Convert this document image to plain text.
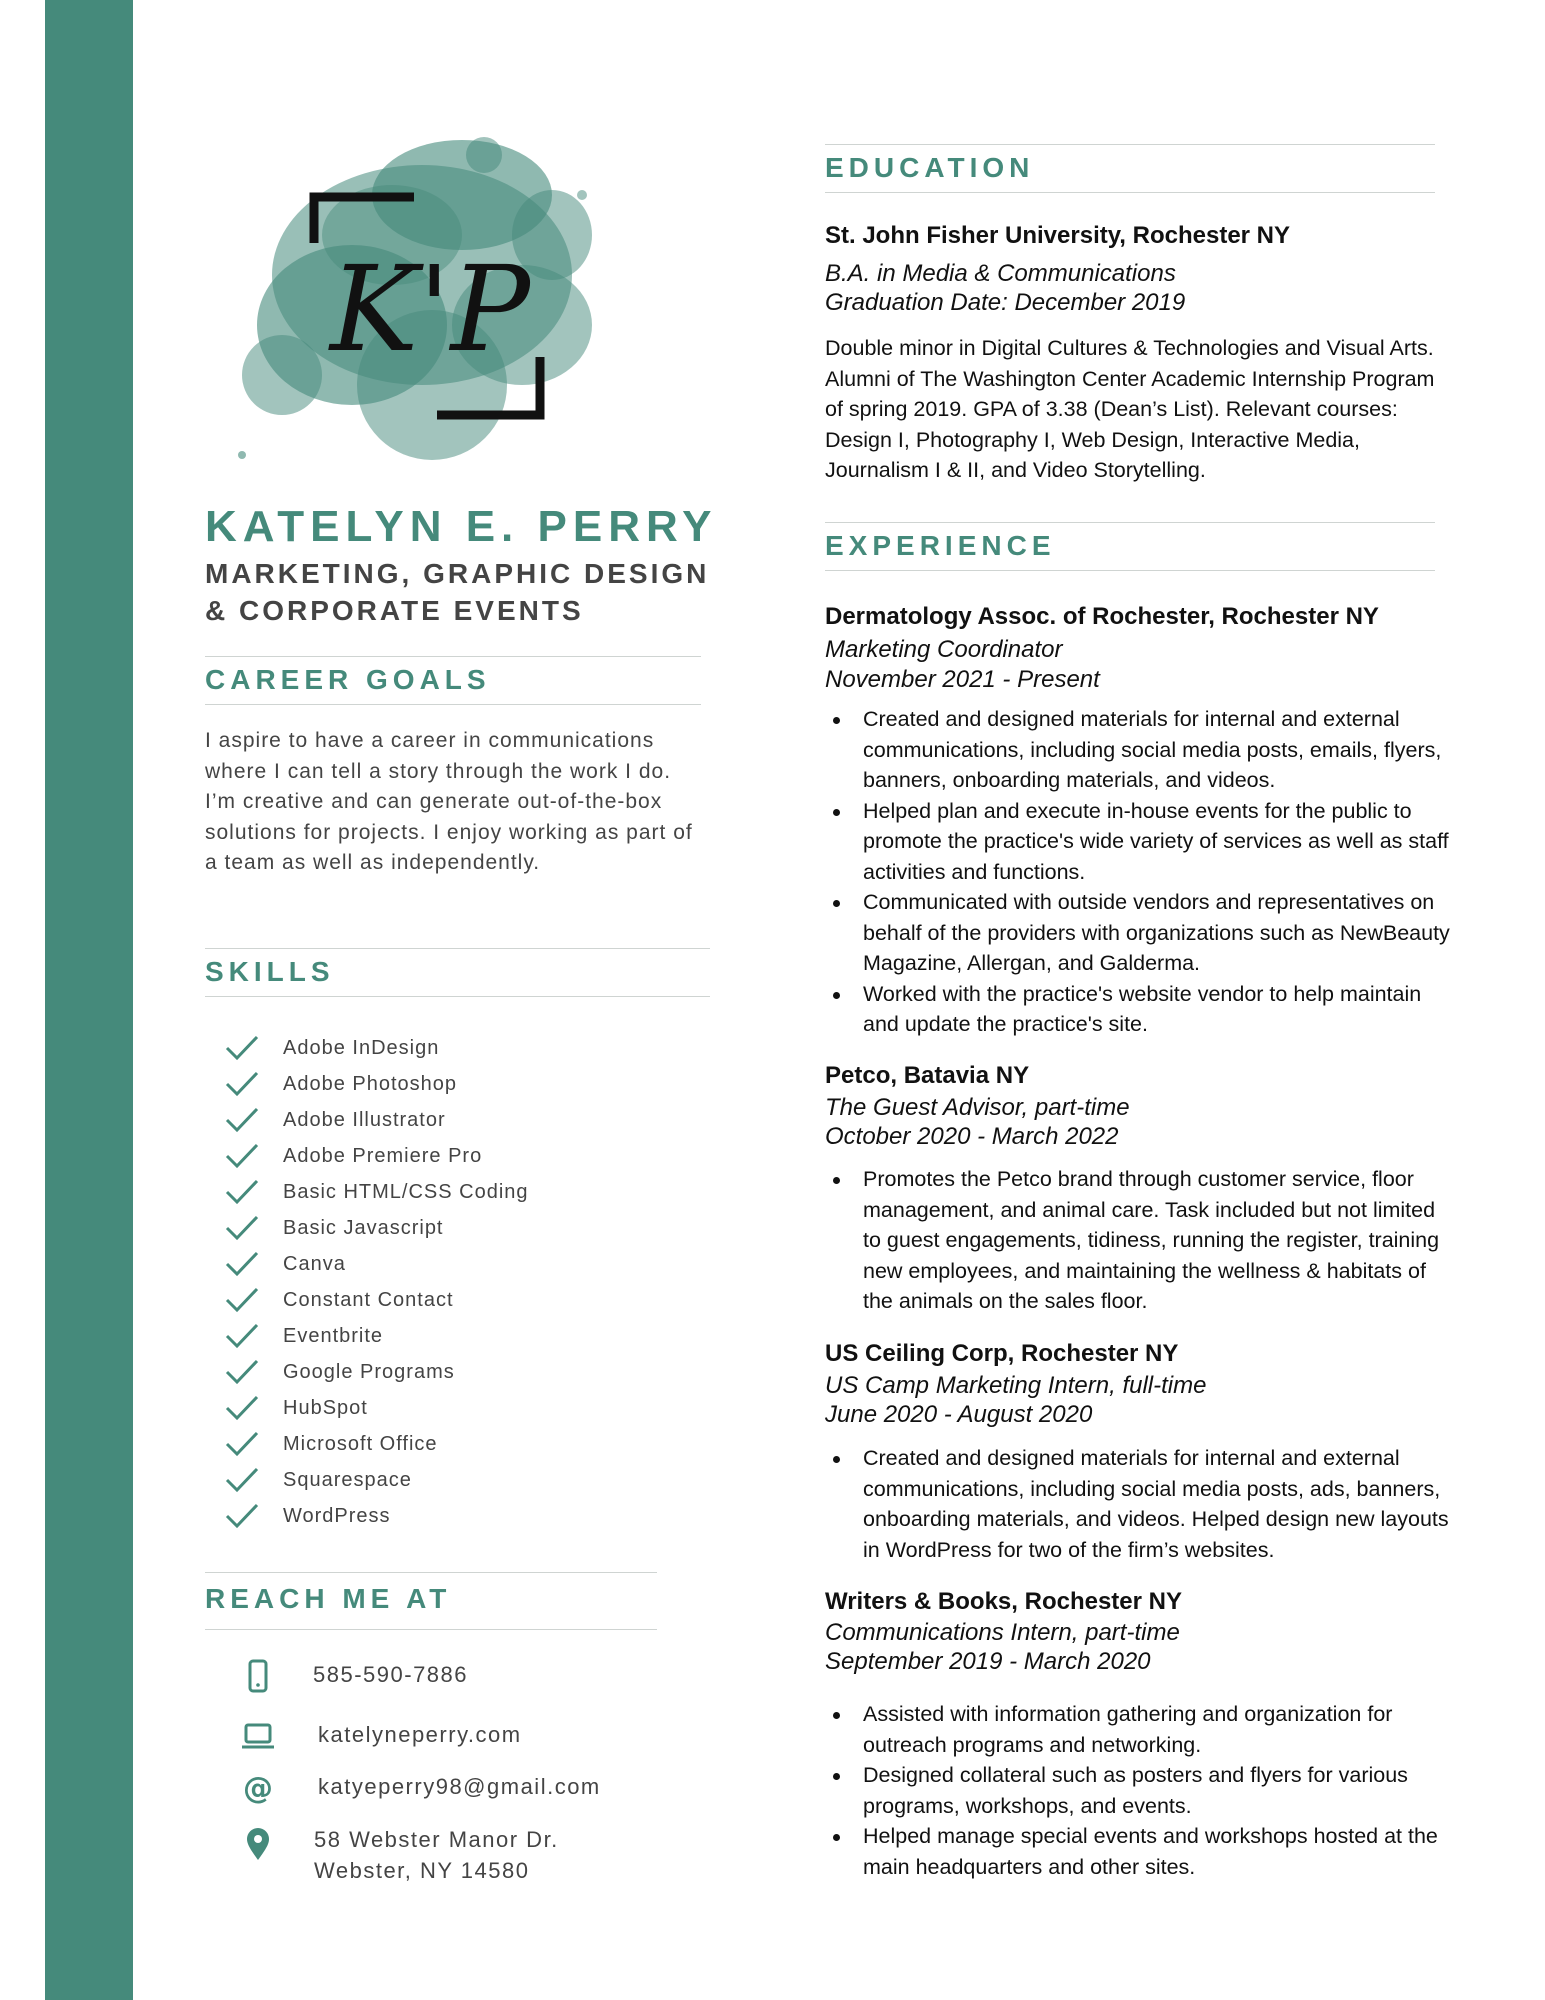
K'P
KATELYN E. PERRY
MARKETING, GRAPHIC DESIGN
& CORPORATE EVENTS
CAREER GOALS
I aspire to have a career in communications where I can tell a story through the work I do. I’m creative and can generate out-of-the-box solutions for projects. I enjoy working as part of a team as well as independently.
SKILLS
Adobe InDesign
Adobe Photoshop
Adobe Illustrator
Adobe Premiere Pro
Basic HTML/CSS Coding
Basic Javascript
Canva
Constant Contact
Eventbrite
Google Programs
HubSpot
Microsoft Office
Squarespace
WordPress
REACH ME AT
585-590-7886
katelyneperry.com
@ katyeperry98@gmail.com
58 Webster Manor Dr.
Webster, NY 14580
EDUCATION
St. John Fisher University, Rochester NY
B.A. in Media & Communications
Graduation Date: December 2019
Double minor in Digital Cultures & Technologies and Visual Arts. Alumni of The Washington Center Academic Internship Program of spring 2019. GPA of 3.38 (Dean’s List). Relevant courses: Design I, Photography I, Web Design, Interactive Media, Journalism I & II, and Video Storytelling.
EXPERIENCE
Dermatology Assoc. of Rochester, Rochester NY
Marketing Coordinator
November 2021 - Present
Created and designed materials for internal and external communications, including social media posts, emails, flyers, banners, onboarding materials, and videos.
Helped plan and execute in-house events for the public to promote the practice's wide variety of services as well as staff activities and functions.
Communicated with outside vendors and representatives on behalf of the providers with organizations such as NewBeauty Magazine, Allergan, and Galderma.
Worked with the practice's website vendor to help maintain and update the practice's site.
Petco, Batavia NY
The Guest Advisor, part-time
October 2020 - March 2022
Promotes the Petco brand through customer service, floor management, and animal care. Task included but not limited to guest engagements, tidiness, running the register, training new employees, and maintaining the wellness & habitats of the animals on the sales floor.
US Ceiling Corp, Rochester NY
US Camp Marketing Intern, full-time
June 2020 - August 2020
Created and designed materials for internal and external communications, including social media posts, ads, banners, onboarding materials, and videos. Helped design new layouts in WordPress for two of the firm’s websites.
Writers & Books, Rochester NY
Communications Intern, part-time
September 2019 - March 2020
Assisted with information gathering and organization for outreach programs and networking.
Designed collateral such as posters and flyers for various programs, workshops, and events.
Helped manage special events and workshops hosted at the main headquarters and other sites.
